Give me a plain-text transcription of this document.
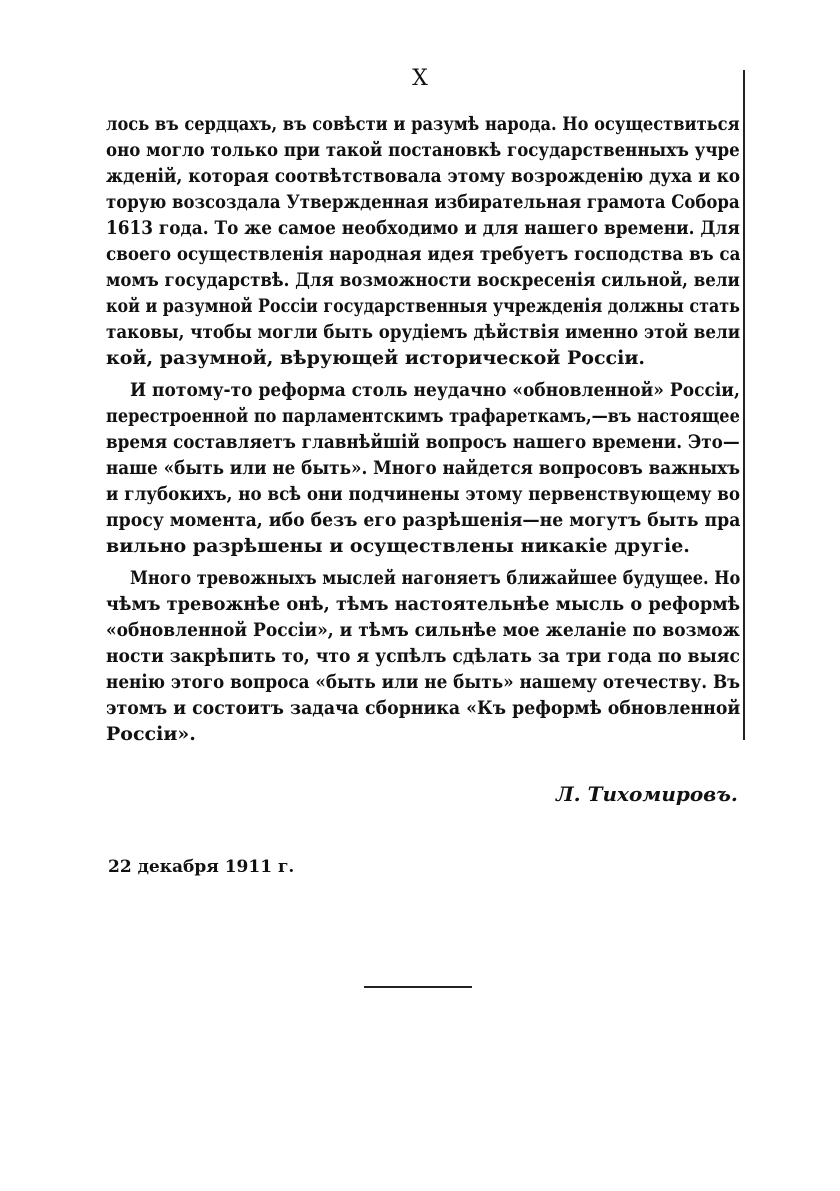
X
лось въ сердцахъ, въ совѣсти и разумѣ народа. Но осуществиться
оно могло только при такой постановкѣ государственныхъ учре
жденій, которая соотвѣтствовала этому возрожденію духа и ко
торую возсоздала Утвержденная избирательная грамота Собора
1613 года. То же самое необходимо и для нашего времени. Для
своего осуществленія народная идея требуетъ господства въ са
момъ государствѣ. Для возможности воскресенія сильной, вели
кой и разумной Россіи государственныя учрежденія должны стать
таковы, чтобы могли быть орудіемъ дѣйствія именно этой вели
кой, разумной, вѣрующей исторической Россіи.
И потому-то реформа столь неудачно «обновленной» Россіи,
перестроенной по парламентскимъ трафареткамъ,—въ настоящее
время составляетъ главнѣйшій вопросъ нашего времени. Это—
наше «быть или не быть». Много найдется вопросовъ важныхъ
и глубокихъ, но всѣ они подчинены этому первенствующему во
просу момента, ибо безъ его разрѣшенія—не могутъ быть пра
вильно разрѣшены и осуществлены никакіе другіе.
Много тревожныхъ мыслей нагоняетъ ближайшее будущее. Но
чѣмъ тревожнѣе онѣ, тѣмъ настоятельнѣе мысль о реформѣ
«обновленной Россіи», и тѣмъ сильнѣе мое желаніе по возмож
ности закрѣпить то, что я успѣлъ сдѣлать за три года по выяс
ненію этого вопроса «быть или не быть» нашему отечеству. Въ
этомъ и состоитъ задача сборника «Къ реформѣ обновленной
Россіи».
Л. Тихомировъ.
22 декабря 1911 г.
